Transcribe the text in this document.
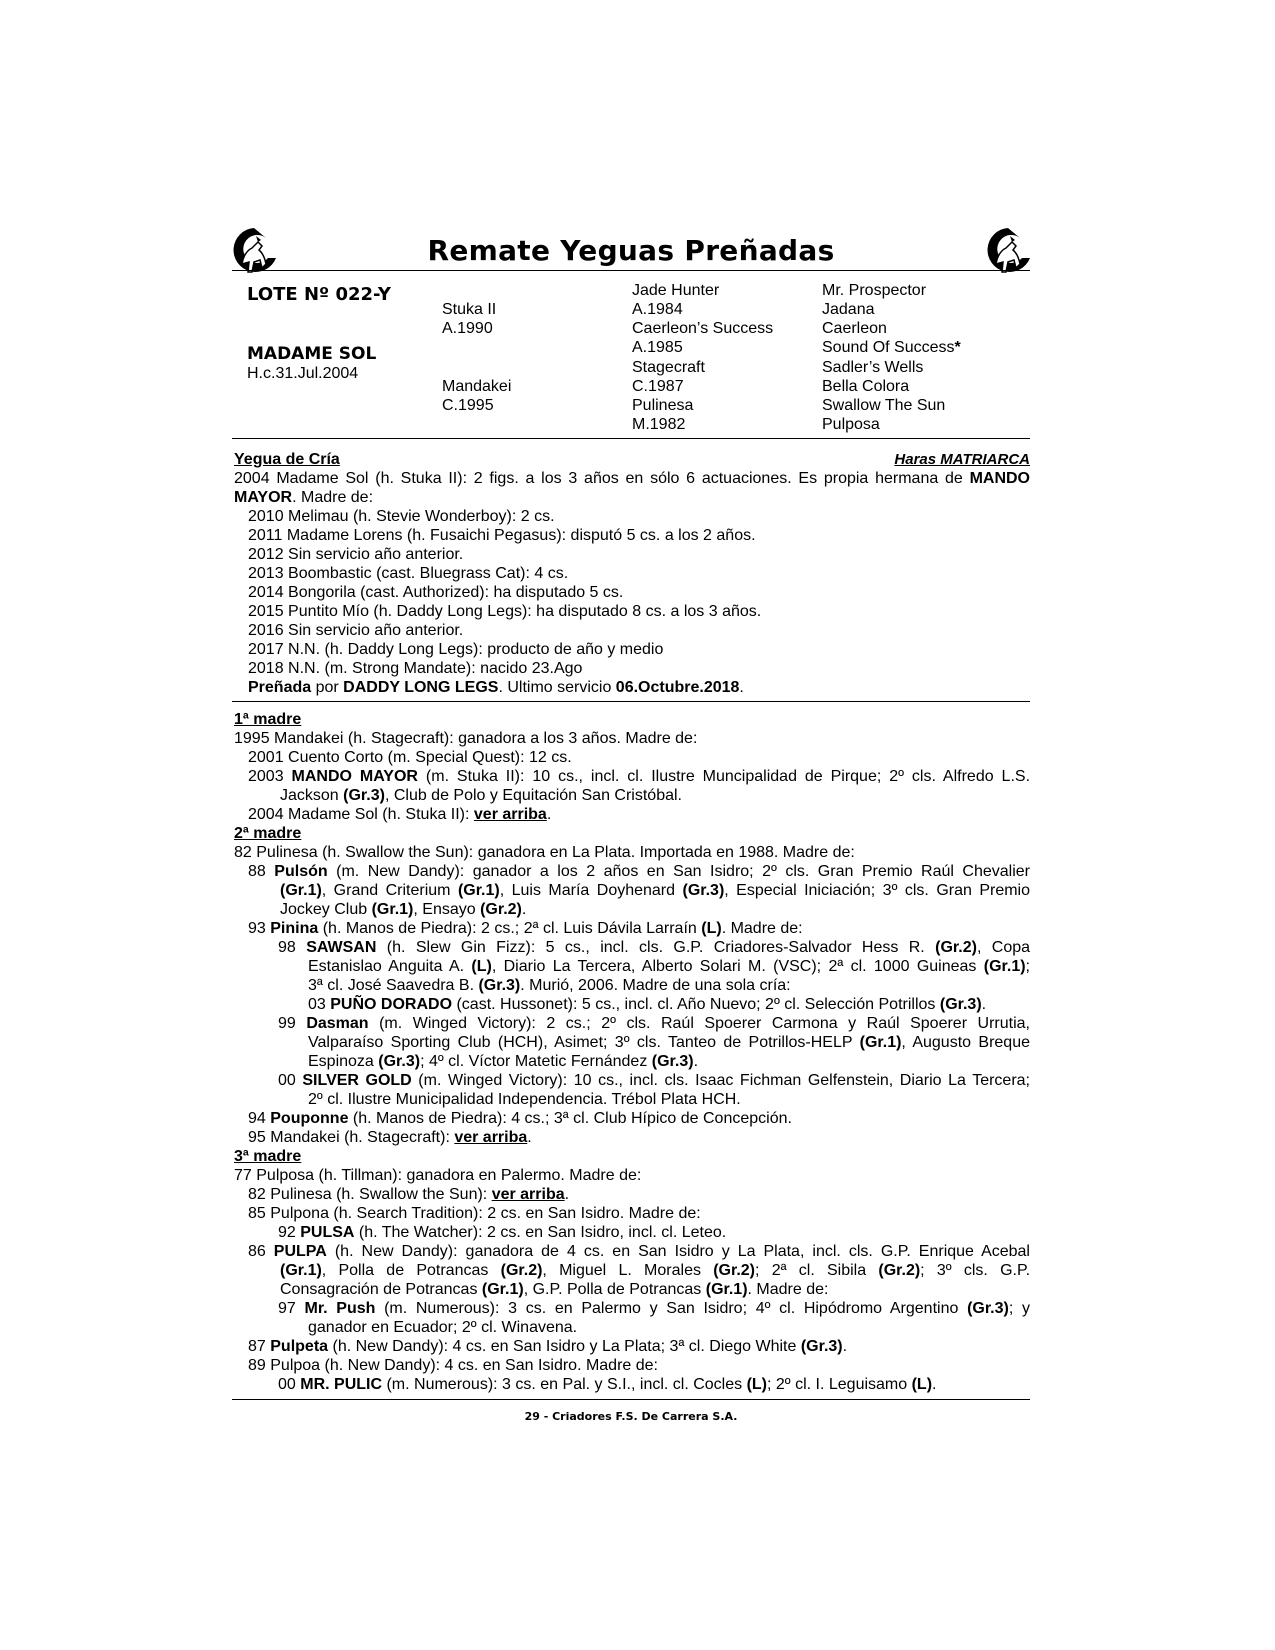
Remate Yeguas Preñadas
LOTE Nº 022-Y
MADAME SOL
H.c.31.Jul.2004
Stuka II
A.1990
Mandakei
C.1995
Jade Hunter
A.1984
Caerleon’s Success
A.1985
Stagecraft
C.1987
Pulinesa
M.1982
Mr. Prospector
Jadana
Caerleon
Sound Of Success*
Sadler’s Wells
Bella Colora
Swallow The Sun
Pulposa
Yegua de Cría	Haras MATRIARCA
2004 Madame Sol (h. Stuka II): 2 figs. a los 3 años en sólo 6 actuaciones. Es propia hermana de MANDO
MAYOR. Madre de:
2010 Melimau (h. Stevie Wonderboy): 2 cs.
2011 Madame Lorens (h. Fusaichi Pegasus): disputó 5 cs. a los 2 años.
2012 Sin servicio año anterior.
2013 Boombastic (cast. Bluegrass Cat): 4 cs.
2014 Bongorila (cast. Authorized): ha disputado 5 cs.
2015 Puntito Mío (h. Daddy Long Legs): ha disputado 8 cs. a los 3 años.
2016 Sin servicio año anterior.
2017 N.N. (h. Daddy Long Legs): producto de año y medio
2018 N.N. (m. Strong Mandate): nacido 23.Ago
Preñada por DADDY LONG LEGS. Ultimo servicio 06.Octubre.2018.
1ª madre
1995 Mandakei (h. Stagecraft): ganadora a los 3 años. Madre de:
2001 Cuento Corto (m. Special Quest): 12 cs.
2003 MANDO MAYOR (m. Stuka II): 10 cs., incl. cl. Ilustre Muncipalidad de Pirque; 2º cls. Alfredo L.S.
Jackson (Gr.3), Club de Polo y Equitación San Cristóbal.
2004 Madame Sol (h. Stuka II): ver arriba.
2ª madre
82 Pulinesa (h. Swallow the Sun): ganadora en La Plata. Importada en 1988. Madre de:
88 Pulsón (m. New Dandy): ganador a los 2 años en San Isidro; 2º cls. Gran Premio Raúl Chevalier
(Gr.1), Grand Criterium (Gr.1), Luis María Doyhenard (Gr.3), Especial Iniciación; 3º cls. Gran Premio
Jockey Club (Gr.1), Ensayo (Gr.2).
93 Pinina (h. Manos de Piedra): 2 cs.; 2ª cl. Luis Dávila Larraín (L). Madre de:
98 SAWSAN (h. Slew Gin Fizz): 5 cs., incl. cls. G.P. Criadores-Salvador Hess R. (Gr.2), Copa
Estanislao Anguita A. (L), Diario La Tercera, Alberto Solari M. (VSC); 2ª cl. 1000 Guineas (Gr.1);
3ª cl. José Saavedra B. (Gr.3). Murió, 2006. Madre de una sola cría:
03 PUÑO DORADO (cast. Hussonet): 5 cs., incl. cl. Año Nuevo; 2º cl. Selección Potrillos (Gr.3).
99 Dasman (m. Winged Victory): 2 cs.; 2º cls. Raúl Spoerer Carmona y Raúl Spoerer Urrutia,
Valparaíso Sporting Club (HCH), Asimet; 3º cls. Tanteo de Potrillos-HELP (Gr.1), Augusto Breque
Espinoza (Gr.3); 4º cl. Víctor Matetic Fernández (Gr.3).
00 SILVER GOLD (m. Winged Victory): 10 cs., incl. cls. Isaac Fichman Gelfenstein, Diario La Tercera;
2º cl. Ilustre Municipalidad Independencia. Trébol Plata HCH.
94 Pouponne (h. Manos de Piedra): 4 cs.; 3ª cl. Club Hípico de Concepción.
95 Mandakei (h. Stagecraft): ver arriba.
3ª madre
77 Pulposa (h. Tillman): ganadora en Palermo. Madre de:
82 Pulinesa (h. Swallow the Sun): ver arriba.
85 Pulpona (h. Search Tradition): 2 cs. en San Isidro. Madre de:
92 PULSA (h. The Watcher): 2 cs. en San Isidro, incl. cl. Leteo.
86 PULPA (h. New Dandy): ganadora de 4 cs. en San Isidro y La Plata, incl. cls. G.P. Enrique Acebal
(Gr.1), Polla de Potrancas (Gr.2), Miguel L. Morales (Gr.2); 2ª cl. Sibila (Gr.2); 3º cls. G.P.
Consagración de Potrancas (Gr.1), G.P. Polla de Potrancas (Gr.1). Madre de:
97 Mr. Push (m. Numerous): 3 cs. en Palermo y San Isidro; 4º cl. Hipódromo Argentino (Gr.3); y
ganador en Ecuador; 2º cl. Winavena.
87 Pulpeta (h. New Dandy): 4 cs. en San Isidro y La Plata; 3ª cl. Diego White (Gr.3).
89 Pulpoa (h. New Dandy): 4 cs. en San Isidro. Madre de:
00 MR. PULIC (m. Numerous): 3 cs. en Pal. y S.I., incl. cl. Cocles (L); 2º cl. I. Leguisamo (L).
29 - Criadores F.S. De Carrera S.A.
